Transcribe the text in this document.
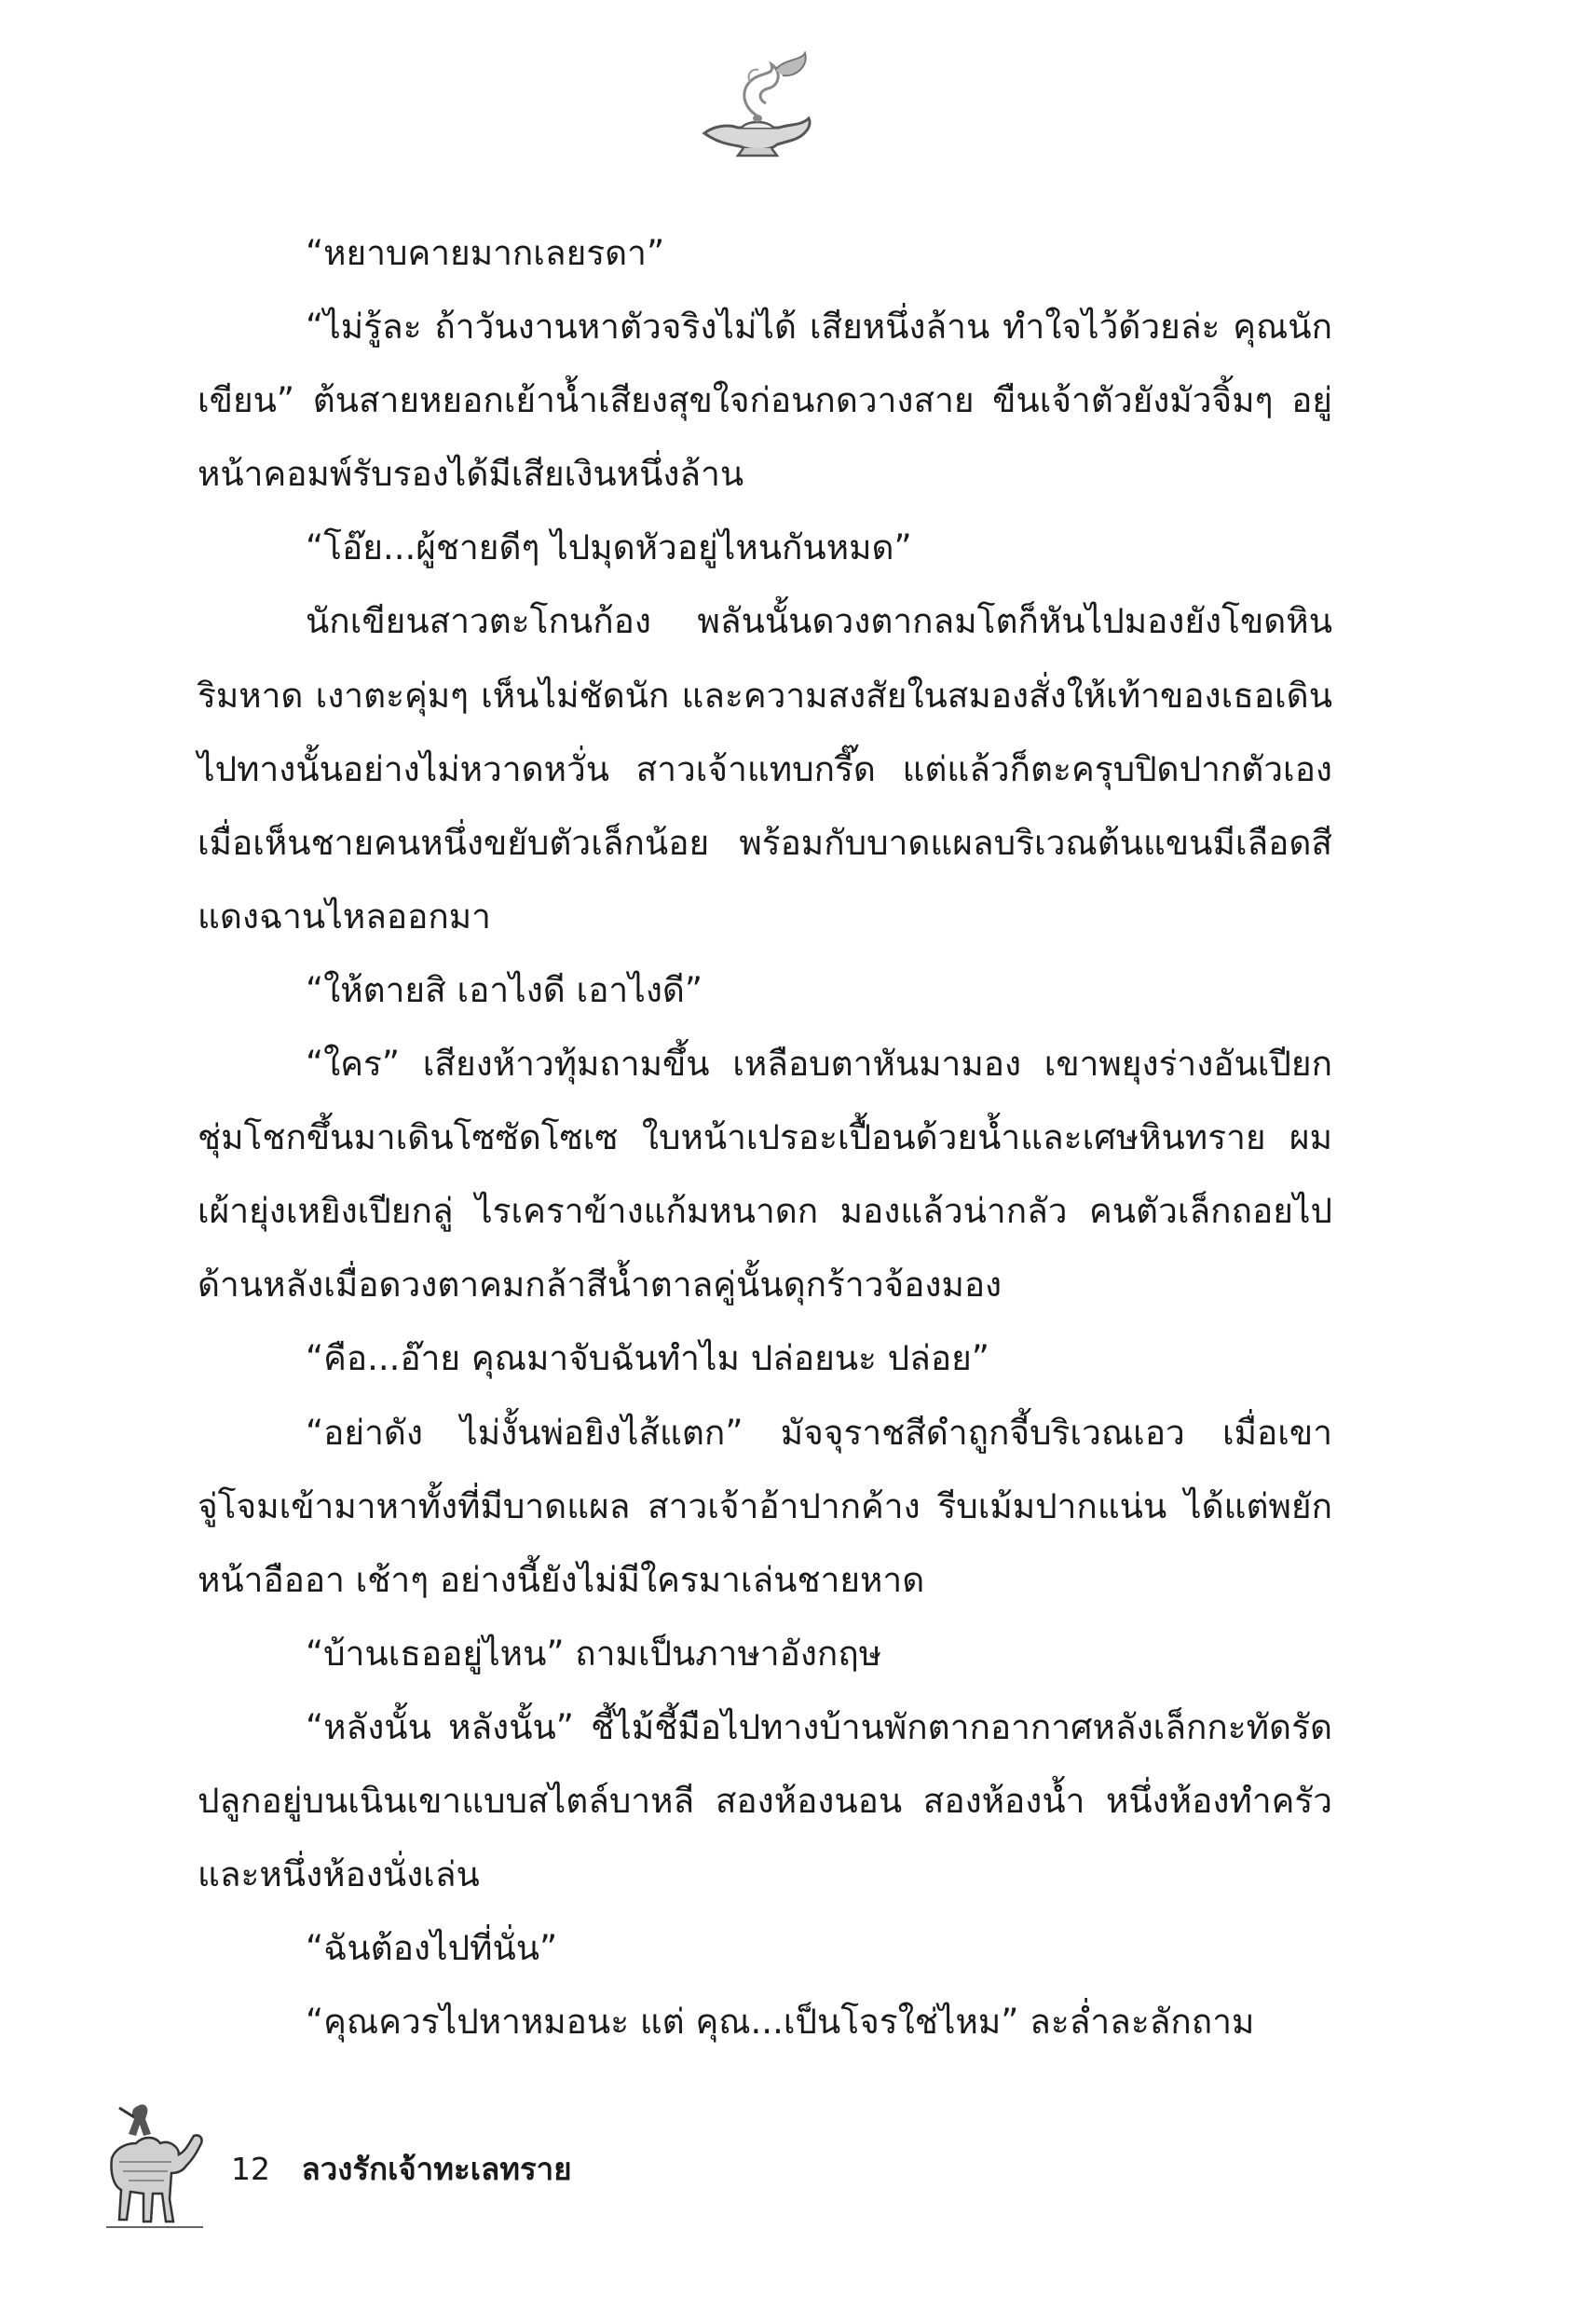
“หยาบคายมากเลยรดา”

“ไม่รู้ละ ถ้าวันงานหาตัวจริงไม่ได้ เสียหนึ่งล้าน ทำใจไว้ด้วยล่ะ คุณนักเขียน” ต้นสายหยอกเย้าน้ำเสียงสุขใจก่อนกดวางสาย ขืนเจ้าตัวยังมัวจิ้มๆ อยู่หน้าคอมพ์รับรองได้มีเสียเงินหนึ่งล้าน

“โอ๊ย...ผู้ชายดีๆ ไปมุดหัวอยู่ไหนกันหมด”

นักเขียนสาวตะโกนก้อง พลันนั้นดวงตากลมโตก็หันไปมองยังโขดหินริมหาด เงาตะคุ่มๆ เห็นไม่ชัดนัก และความสงสัยในสมองสั่งให้เท้าของเธอเดินไปทางนั้นอย่างไม่หวาดหวั่น สาวเจ้าแทบกรี๊ด แต่แล้วก็ตะครุบปิดปากตัวเอง เมื่อเห็นชายคนหนึ่งขยับตัวเล็กน้อย พร้อมกับบาดแผลบริเวณต้นแขนมีเลือดสีแดงฉานไหลออกมา

“ให้ตายสิ เอาไงดี เอาไงดี”

“ใคร” เสียงห้าวทุ้มถามขึ้น เหลือบตาหันมามอง เขาพยุงร่างอันเปียกชุ่มโชกขึ้นมาเดินโซซัดโซเซ ใบหน้าเปรอะเปื้อนด้วยน้ำและเศษหินทราย ผมเผ้ายุ่งเหยิงเปียกลู่ ไรเคราข้างแก้มหนาดก มองแล้วน่ากลัว คนตัวเล็กถอยไปด้านหลังเมื่อดวงตาคมกล้าสีน้ำตาลคู่นั้นดุกร้าวจ้องมอง

“คือ...อ๊าย คุณมาจับฉันทำไม ปล่อยนะ ปล่อย”

“อย่าดัง ไม่งั้นพ่อยิงไส้แตก” มัจจุราชสีดำถูกจี้บริเวณเอว เมื่อเขาจู่โจมเข้ามาหาทั้งที่มีบาดแผล สาวเจ้าอ้าปากค้าง รีบเม้มปากแน่น ได้แต่พยักหน้าอืออา เช้าๆ อย่างนี้ยังไม่มีใครมาเล่นชายหาด

“บ้านเธออยู่ไหน” ถามเป็นภาษาอังกฤษ

“หลังนั้น หลังนั้น” ชี้ไม้ชี้มือไปทางบ้านพักตากอากาศหลังเล็กกะทัดรัด ปลูกอยู่บนเนินเขาแบบสไตล์บาหลี สองห้องนอน สองห้องน้ำ หนึ่งห้องทำครัว และหนึ่งห้องนั่งเล่น

“ฉันต้องไปที่นั่น”

“คุณควรไปหาหมอนะ แต่ คุณ...เป็นโจรใช่ไหม” ละล่ำละลักถาม

12 ลวงรักเจ้าทะเลทราย
